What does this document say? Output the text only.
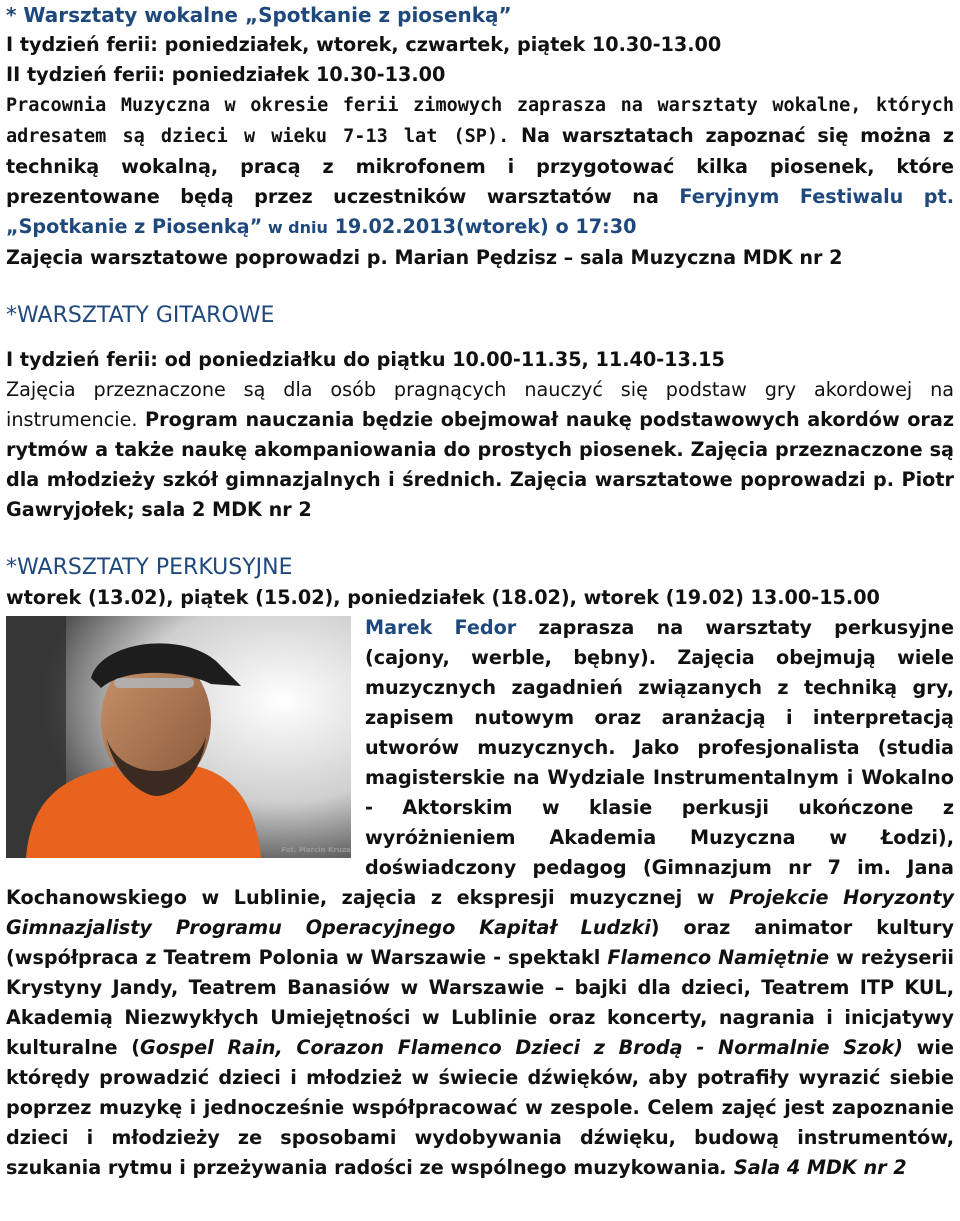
* Warsztaty wokalne „Spotkanie z piosenką”

I tydzień ferii: poniedziałek, wtorek, czwartek, piątek 10.30-13.00

II tydzień ferii: poniedziałek 10.30-13.00

Pracownia Muzyczna w okresie ferii zimowych zaprasza na warsztaty wokalne, których adresatem są dzieci w wieku 7-13 lat (SP). Na warsztatach zapoznać się można z techniką wokalną, pracą z mikrofonem i przygotować kilka piosenek, które prezentowane będą przez uczestników warsztatów na Feryjnym Festiwalu pt. „Spotkanie z Piosenką” w dniu 19.02.2013(wtorek) o 17:30

Zajęcia warsztatowe poprowadzi p. Marian Pędzisz – sala Muzyczna MDK nr 2

*WARSZTATY GITAROWE

I tydzień ferii: od poniedziałku do piątku 10.00-11.35, 11.40-13.15

Zajęcia przeznaczone są dla osób pragnących nauczyć się podstaw gry akordowej na instrumencie. Program nauczania będzie obejmował naukę podstawowych akordów oraz rytmów a także naukę akompaniowania do prostych piosenek. Zajęcia przeznaczone są dla młodzieży szkół gimnazjalnych i średnich. Zajęcia warsztatowe poprowadzi p. Piotr Gawryjołek; sala 2 MDK nr 2

*WARSZTATY PERKUSYJNE

wtorek (13.02), piątek (15.02), poniedziałek (18.02), wtorek (19.02) 13.00-15.00

Fot. Marcin Kruza
Marek Fedor zaprasza na warsztaty perkusyjne (cajony, werble, bębny). Zajęcia obejmują wiele muzycznych zagadnień związanych z techniką gry, zapisem nutowym oraz aranżacją i interpretacją utworów muzycznych. Jako profesjonalista (studia magisterskie na Wydziale Instrumentalnym i Wokalno - Aktorskim w klasie perkusji ukończone z wyróżnieniem Akademia Muzyczna w Łodzi), doświadczony pedagog (Gimnazjum nr 7 im. Jana Kochanowskiego w Lublinie, zajęcia z ekspresji muzycznej w Projekcie Horyzonty Gimnazjalisty Programu Operacyjnego Kapitał Ludzki) oraz animator kultury (współpraca z Teatrem Polonia w Warszawie - spektakl Flamenco Namiętnie w reżyserii Krystyny Jandy, Teatrem Banasiów w Warszawie – bajki dla dzieci, Teatrem ITP KUL, Akademią Niezwykłych Umiejętności w Lublinie oraz koncerty, nagrania i inicjatywy kulturalne (Gospel Rain, Corazon Flamenco Dzieci z Brodą - Normalnie Szok) wie którędy prowadzić dzieci i młodzież w świecie dźwięków, aby potrafiły wyrazić siebie poprzez muzykę i jednocześnie współpracować w zespole. Celem zajęć jest zapoznanie dzieci i młodzieży ze sposobami wydobywania dźwięku, budową instrumentów, szukania rytmu i przeżywania radości ze wspólnego muzykowania. Sala 4 MDK nr 2
